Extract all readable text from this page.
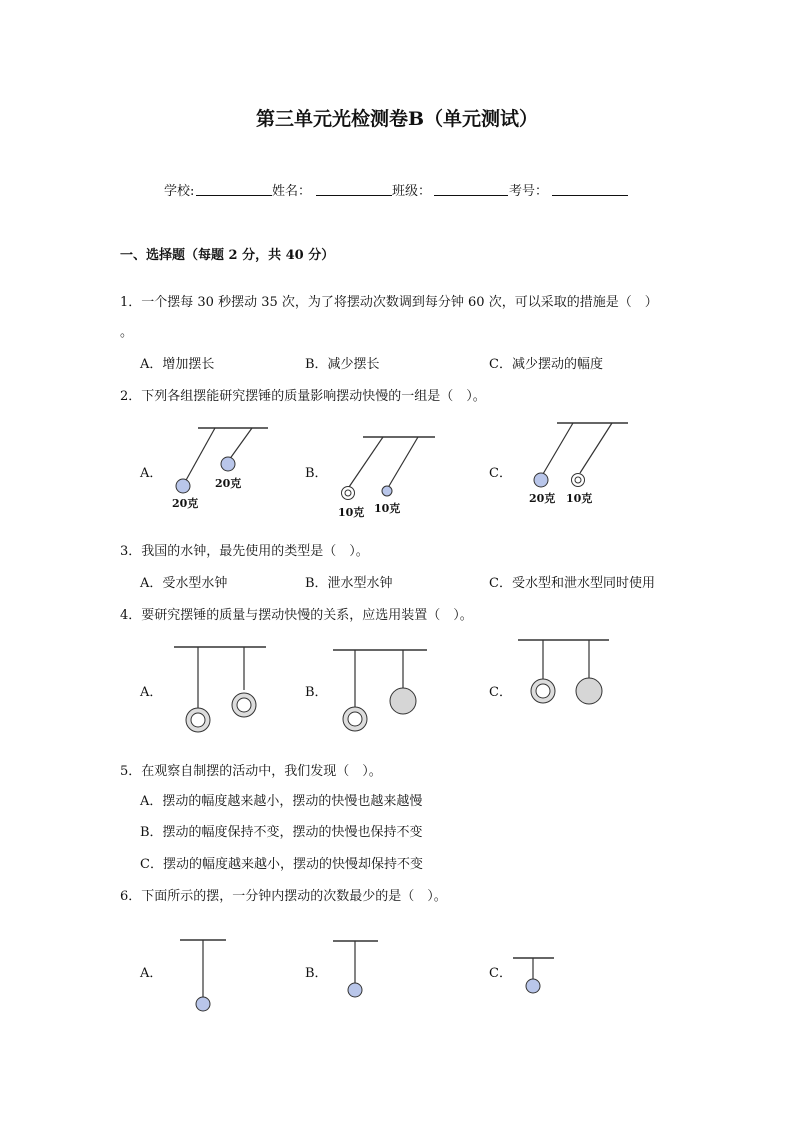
第三单元光检测卷B（单元测试）
学校:	姓名：	班级：	考号：
一、选择题（每题 2 分，共 40 分）
1．一个摆每 30 秒摆动 35 次，为了将摆动次数调到每分钟 60 次，可以采取的措施是（　）
。
A．增加摆长	B．减少摆长	C．减少摆动的幅度
2．下列各组摆能研究摆锤的质量影响摆动快慢的一组是（　）。
A．	B．	C．
20克
20克
10克 10克
20克 10克
3．我国的水钟，最先使用的类型是（　）。
A．受水型水钟	B．泄水型水钟	C．受水型和泄水型同时使用
4．要研究摆锤的质量与摆动快慢的关系，应选用装置（　）。
A．	B．	C．
5．在观察自制摆的活动中，我们发现（　）。
A．摆动的幅度越来越小，摆动的快慢也越来越慢
B．摆动的幅度保持不变，摆动的快慢也保持不变
C．摆动的幅度越来越小，摆动的快慢却保持不变
6．下面所示的摆，一分钟内摆动的次数最少的是（　）。
A．	B．	C．
